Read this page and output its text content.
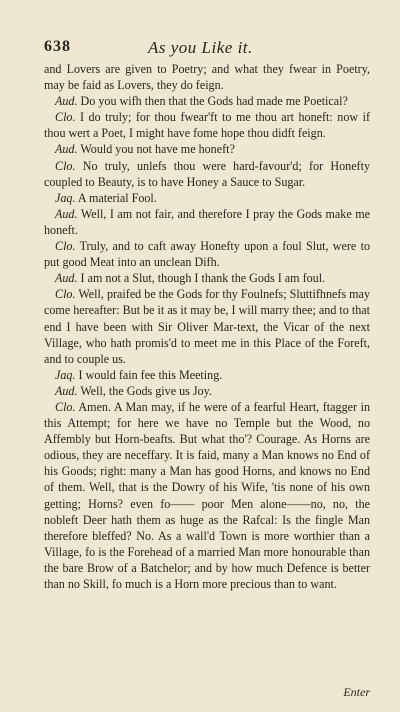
638	As you Like it.

and Lovers are given to Poetry; and what they fwear in Poetry, may be faid as Lovers, they do feign.

Aud. Do you wifh then that the Gods had made me Poetical?

Clo. I do truly; for thou fwear'ft to me thou art honeft: now if thou wert a Poet, I might have fome hope thou didft feign.

Aud. Would you not have me honeft?

Clo. No truly, unlefs thou were hard-favour'd; for Honefty coupled to Beauty, is to have Honey a Sauce to Sugar.

Jaq. A material Fool.

Aud. Well, I am not fair, and therefore I pray the Gods make me honeft.

Clo. Truly, and to caft away Honefty upon a foul Slut, were to put good Meat into an unclean Difh.

Aud. I am not a Slut, though I thank the Gods I am foul.

Clo. Well, praifed be the Gods for thy Foulnefs; Sluttifhnefs may come hereafter: But be it as it may be, I will marry thee; and to that end I have been with Sir Oliver Mar-text, the Vicar of the next Village, who hath promis'd to meet me in this Place of the Foreft, and to couple us.

Jaq. I would fain fee this Meeting.

Aud. Well, the Gods give us Joy.

Clo. Amen. A Man may, if he were of a fearful Heart, ftagger in this Attempt; for here we have no Temple but the Wood, no Affembly but Horn-beafts. But what tho'? Courage. As Horns are odious, they are neceffary. It is faid, many a Man knows no End of his Goods; right: many a Man has good Horns, and knows no End of them. Well, that is the Dowry of his Wife, 'tis none of his own getting; Horns? even fo—— poor Men alone——no, no, the nobleft Deer hath them as huge as the Rafcal: Is the fingle Man therefore bleffed? No. As a wall'd Town is more worthier than a Village, fo is the Forehead of a married Man more honourable than the bare Brow of a Batchelor; and by how much Defence is better than no Skill, fo much is a Horn more precious than to want.

Enter
